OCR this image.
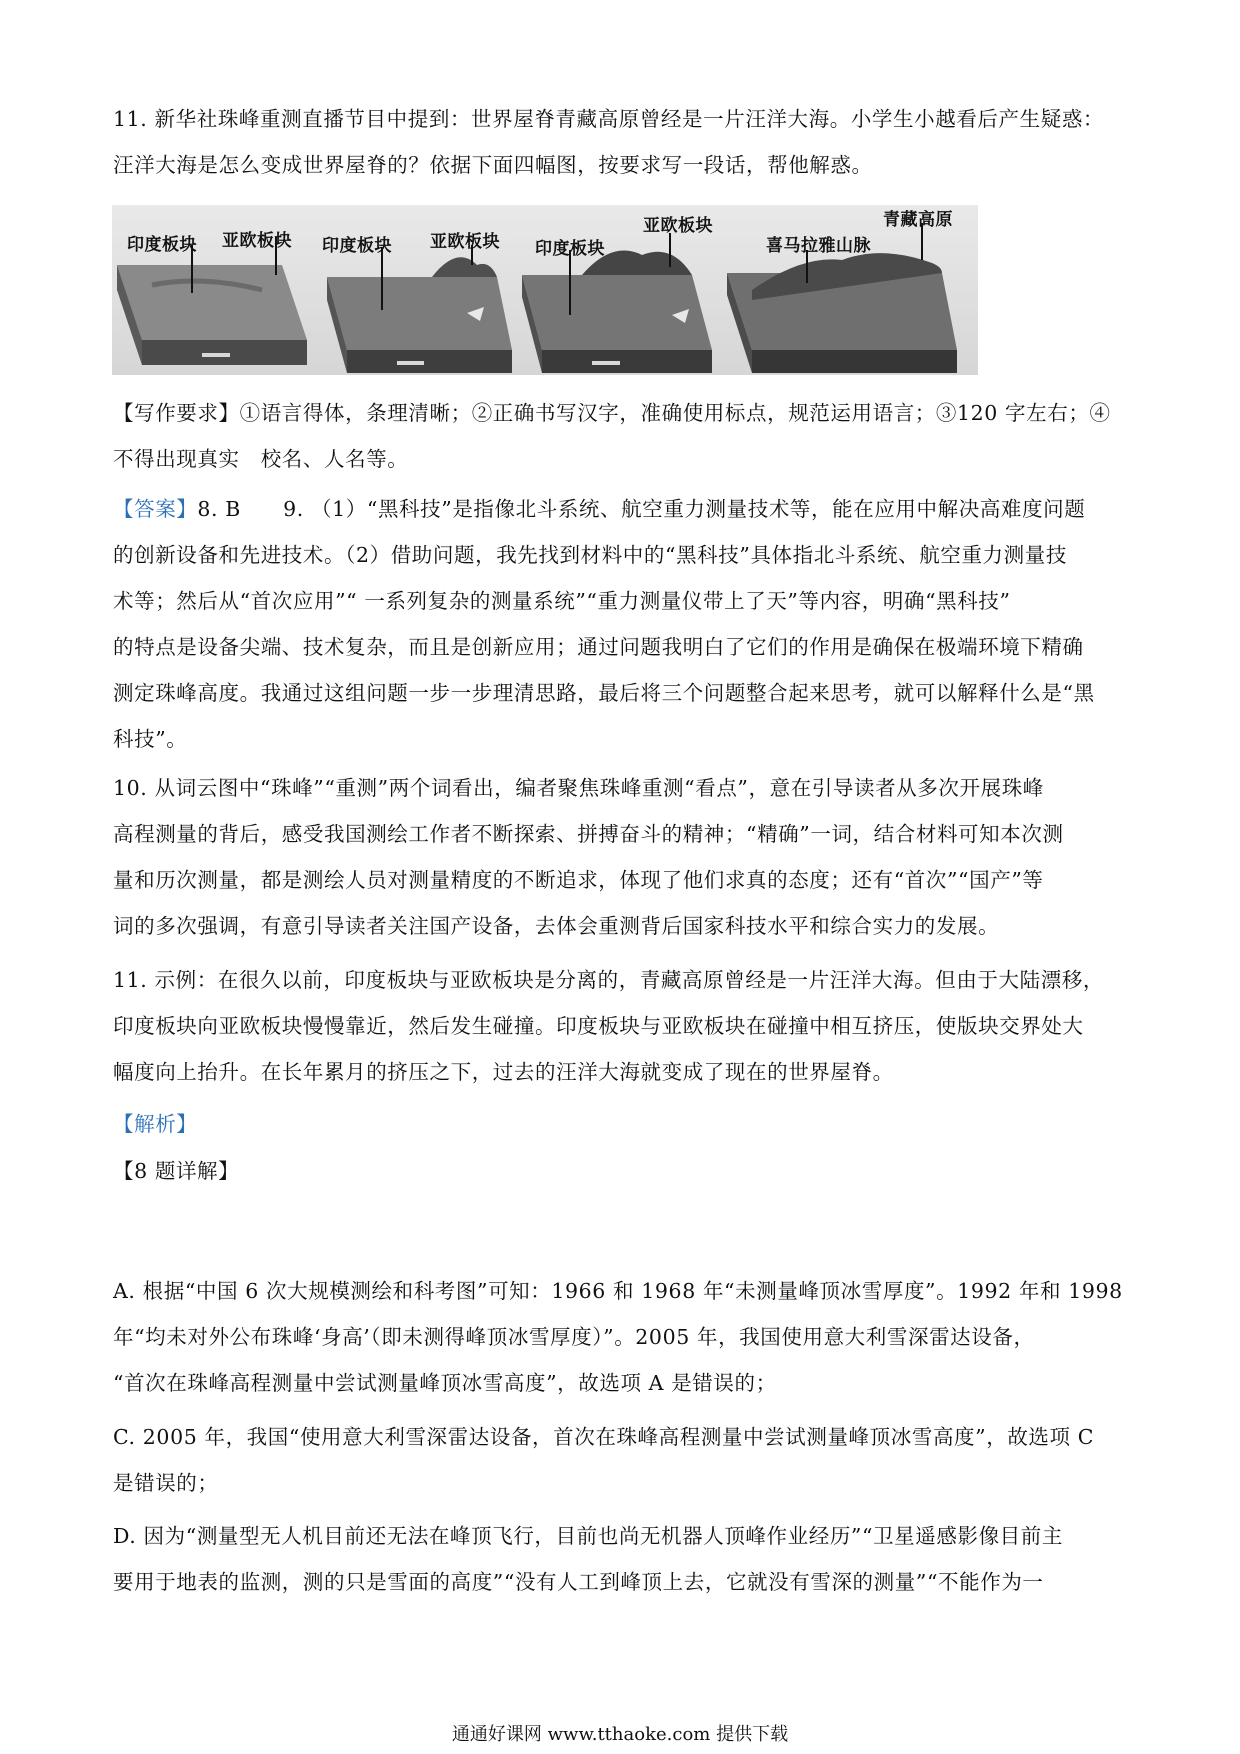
11. 新华社珠峰重测直播节目中提到：世界屋脊青藏高原曾经是一片汪洋大海。小学生小越看后产生疑惑：
汪洋大海是怎么变成世界屋脊的？依据下面四幅图，按要求写一段话，帮他解惑。
印度板块 亚欧板块 印度板块 亚欧板块 印度板块
亚欧板块
喜马拉雅山脉
青藏高原
【写作要求】①语言得体，条理清晰；②正确书写汉字，准确使用标点，规范运用语言；③120 字左右；④
不得出现真实　校名、人名等。
【答案】8. B　　9. （1）“黑科技”是指像北斗系统、航空重力测量技术等，能在应用中解决高难度问题
的创新设备和先进技术。（2）借助问题，我先找到材料中的“黑科技”具体指北斗系统、航空重力测量技
术等；然后从“首次应用”“ 一系列复杂的测量系统”“重力测量仪带上了天”等内容，明确“黑科技”
的特点是设备尖端、技术复杂，而且是创新应用；通过问题我明白了它们的作用是确保在极端环境下精确
测定珠峰高度。我通过这组问题一步一步理清思路，最后将三个问题整合起来思考，就可以解释什么是“黑
科技”。
10. 从词云图中“珠峰”“重测”两个词看出，编者聚焦珠峰重测“看点”，意在引导读者从多次开展珠峰
高程测量的背后，感受我国测绘工作者不断探索、拼搏奋斗的精神；“精确”一词，结合材料可知本次测
量和历次测量，都是测绘人员对测量精度的不断追求，体现了他们求真的态度；还有“首次”“国产”等
词的多次强调，有意引导读者关注国产设备，去体会重测背后国家科技水平和综合实力的发展。
11. 示例：在很久以前，印度板块与亚欧板块是分离的，青藏高原曾经是一片汪洋大海。但由于大陆漂移，
印度板块向亚欧板块慢慢靠近，然后发生碰撞。印度板块与亚欧板块在碰撞中相互挤压，使版块交界处大
幅度向上抬升。在长年累月的挤压之下，过去的汪洋大海就变成了现在的世界屋脊。
【解析】
【8 题详解】
A. 根据“中国 6 次大规模测绘和科考图”可知：1966 和 1968 年“未测量峰顶冰雪厚度”。1992 年和 1998
年“均未对外公布珠峰‘身高’（即未测得峰顶冰雪厚度）”。2005 年，我国使用意大利雪深雷达设备，
“首次在珠峰高程测量中尝试测量峰顶冰雪高度”，故选项 A 是错误的；
C. 2005 年，我国“使用意大利雪深雷达设备，首次在珠峰高程测量中尝试测量峰顶冰雪高度”，故选项 C
是错误的；
D. 因为“测量型无人机目前还无法在峰顶飞行，目前也尚无机器人顶峰作业经历”“卫星遥感影像目前主
要用于地表的监测，测的只是雪面的高度”“没有人工到峰顶上去，它就没有雪深的测量”“不能作为一
通通好课网 www.tthaoke.com 提供下载
